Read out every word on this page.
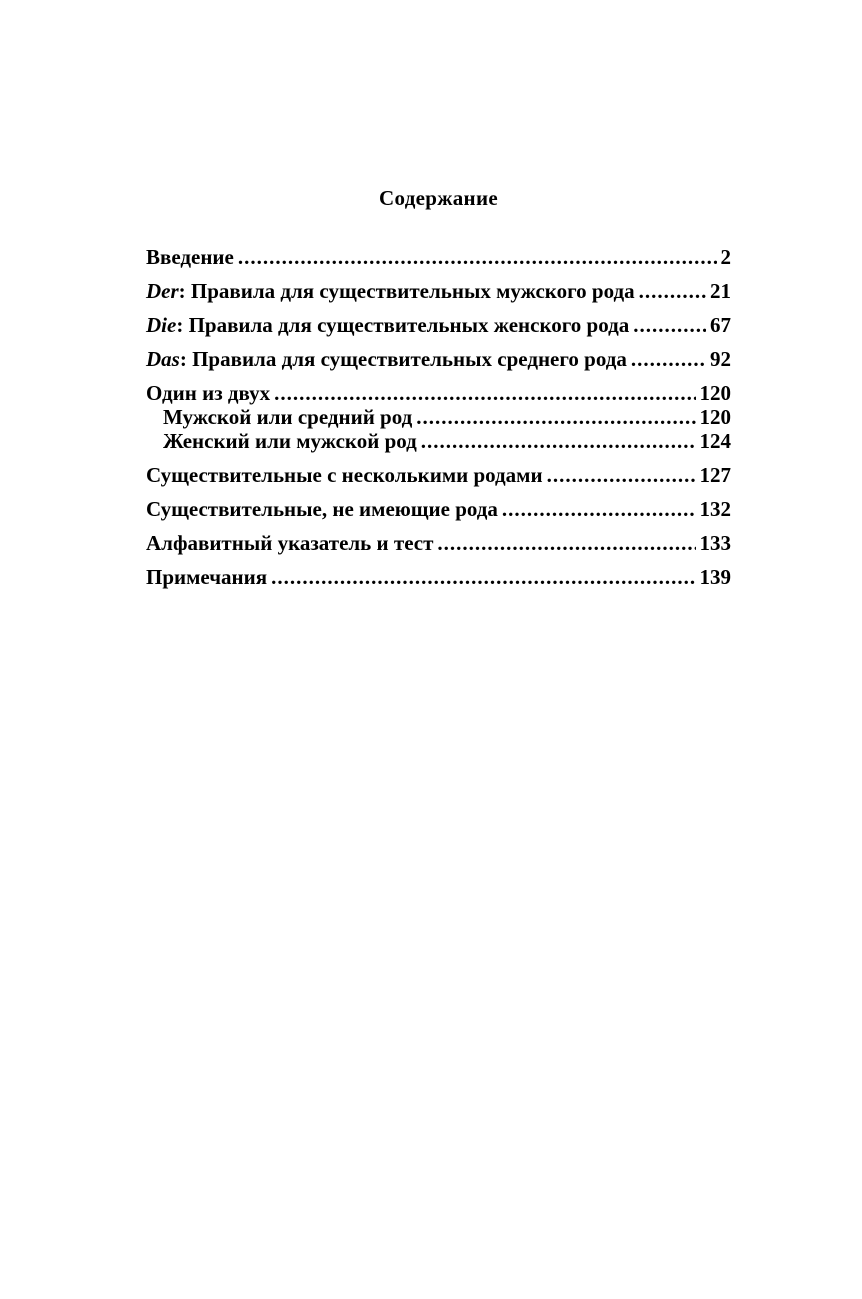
Содержание
Введение .....	2
Der: Правила для существительных мужского рода .....	21
Die: Правила для существительных женского рода .....	67
Das: Правила для существительных среднего рода .....	92
Один из двух .....	120
Мужской или средний род .....	120
Женский или мужской род .....	124
Существительные с несколькими родами .....	127
Существительные, не имеющие рода .....	132
Алфавитный указатель и тест .....	133
Примечания .....	139
